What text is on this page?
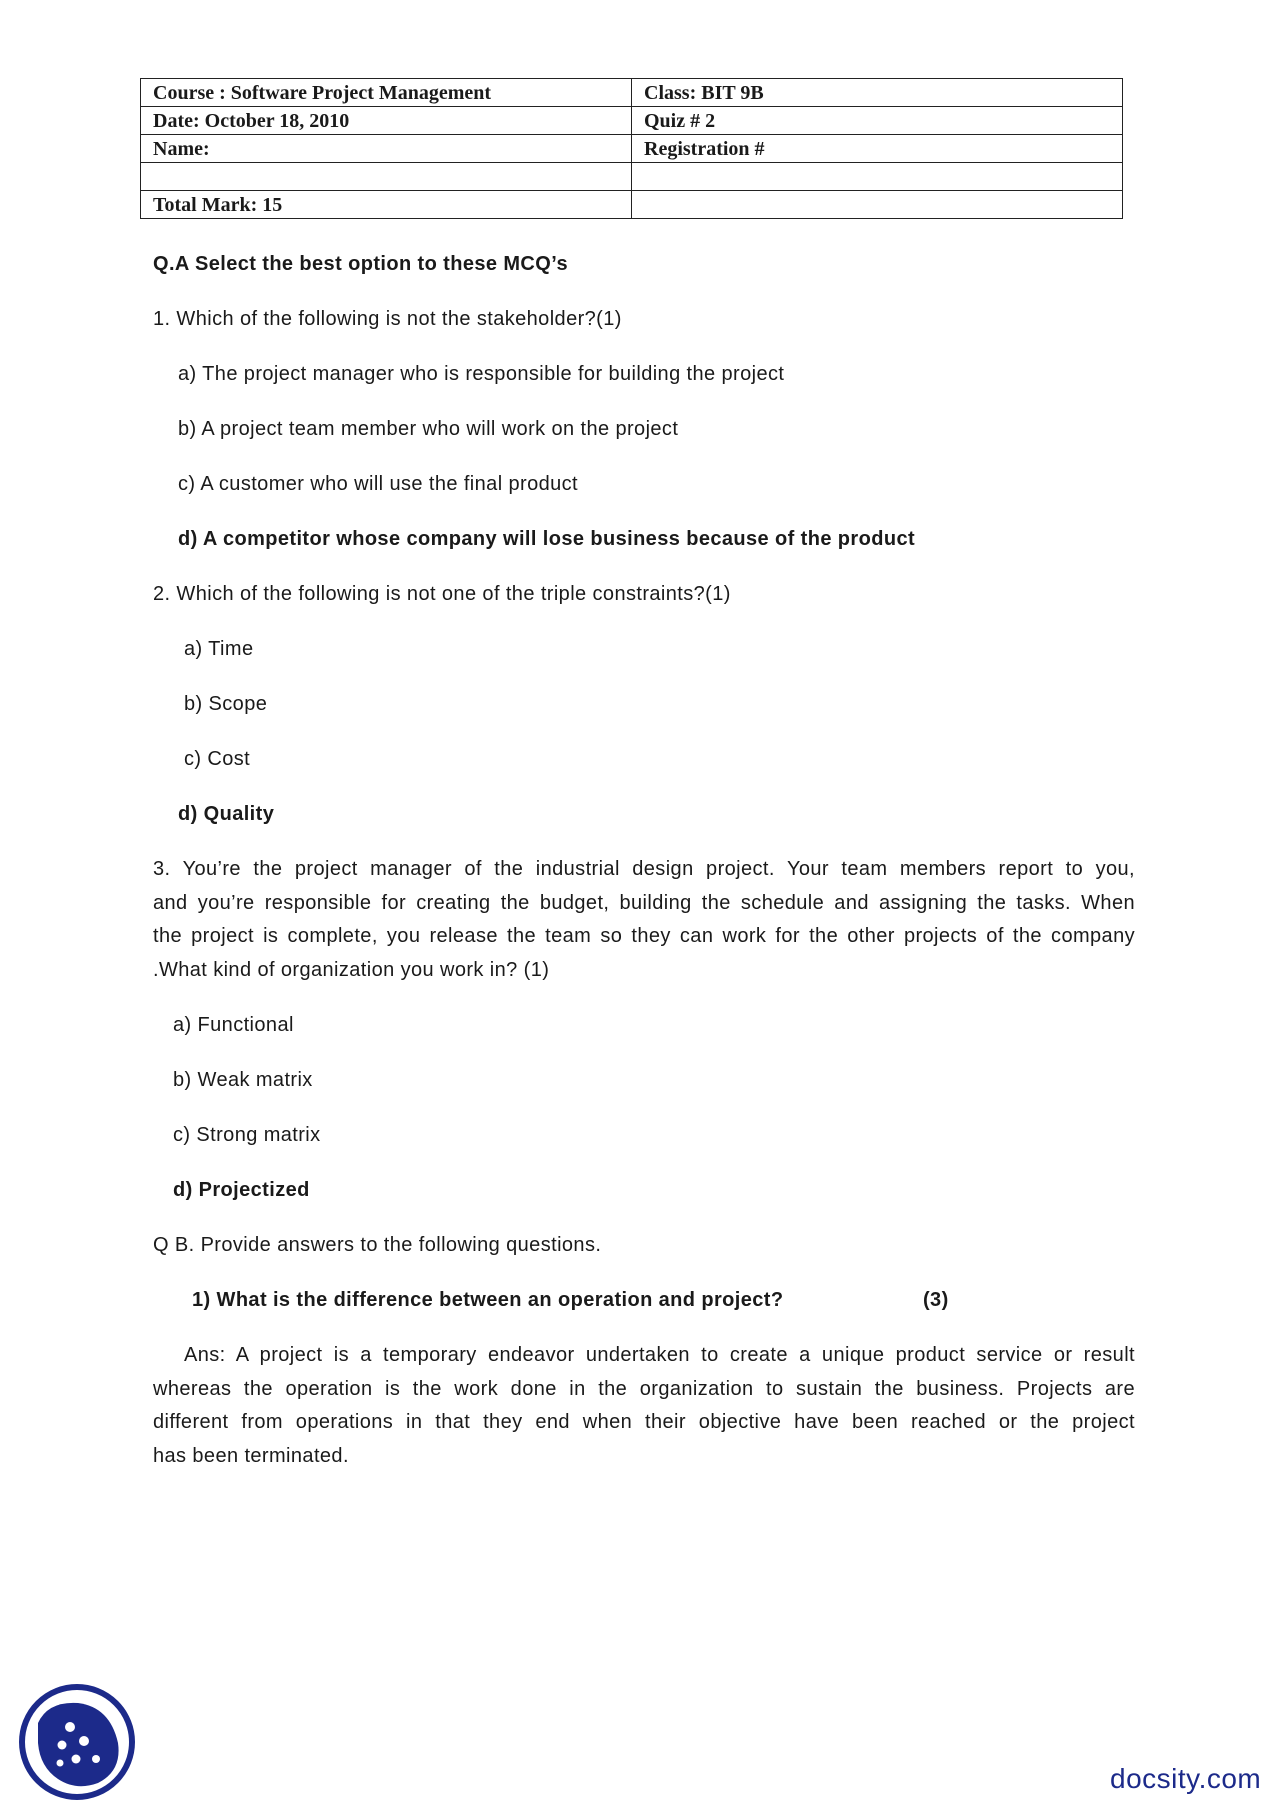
Course : Software Project Management	Class: BIT 9B
Date: October 18, 2010	Quiz # 2
Name:	Registration #

Total Mark: 15	
Q.A Select the best option to these MCQ’s
1. Which of the following is not the stakeholder?(1)
a) The project manager who is responsible for building the project
b) A project team member who will work on the project
c) A customer who will use the final product
d) A competitor whose company will lose business because of the product
2. Which of the following is not one of the triple constraints?(1)
a) Time
b) Scope
c) Cost
d) Quality
3. You’re the project manager of the industrial design project. Your team members report to you,
and you’re responsible for creating the budget, building the schedule and assigning the tasks. When
the project is complete, you release the team so they can work for the other projects of the company
.What kind of organization you work in? (1)
a) Functional
b) Weak matrix
c) Strong matrix
d) Projectized
Q B. Provide answers to the following questions.
1) What is the difference between an operation and project?	(3)
Ans: A project is a temporary endeavor undertaken to create a unique product service or result
whereas the operation is the work done in the organization to sustain the business. Projects are
different from operations in that they end when their objective have been reached or the project
has been terminated.
docsity.com
